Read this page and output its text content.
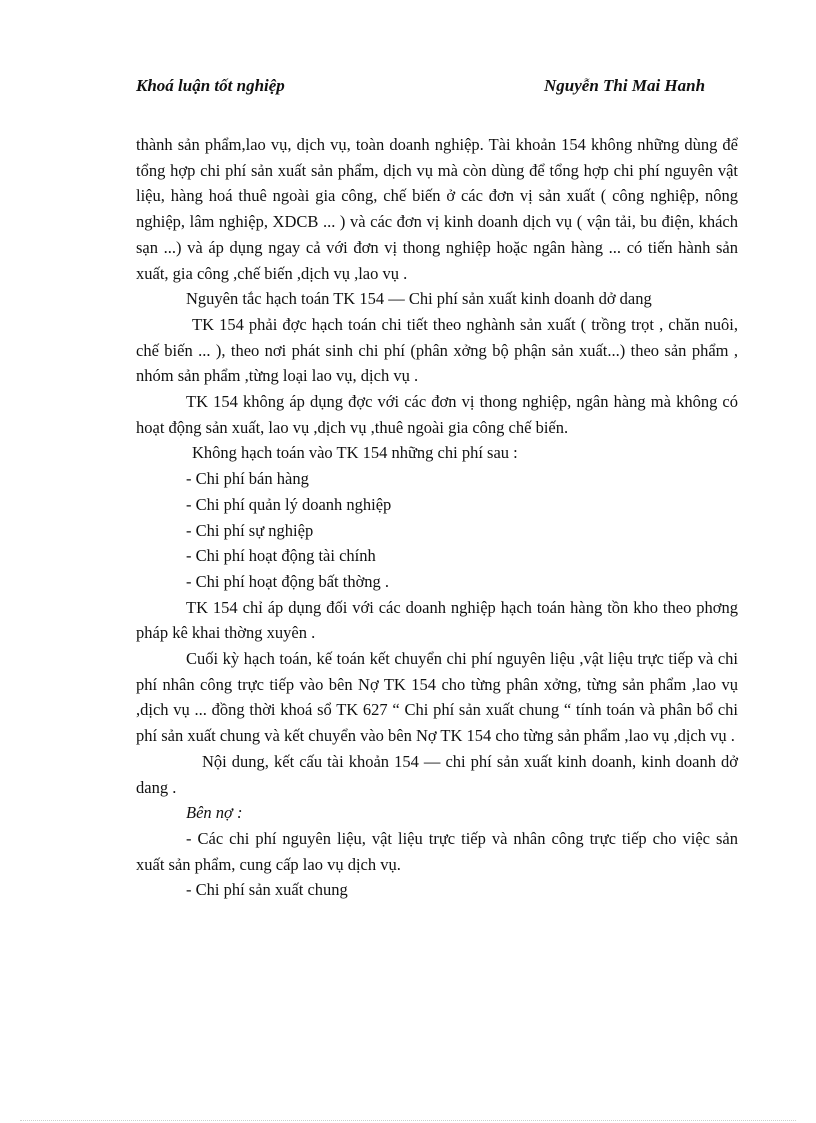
Khoá luận tốt nghiệp	Nguyễn Thi Mai Hanh

thành sản phẩm,lao vụ, dịch vụ, toàn doanh nghiệp. Tài khoản 154 không những dùng để tổng hợp chi phí sản xuất sản phẩm, dịch vụ mà còn dùng để tổng hợp chi phí nguyên vật liệu, hàng hoá thuê ngoài gia công, chế biến ở các đơn vị sản xuất ( công nghiệp, nông nghiệp, lâm nghiệp, XDCB ... ) và các đơn vị kinh doanh dịch vụ ( vận tải, bu điện, khách sạn ...) và áp dụng ngay cả với đơn vị thong nghiệp hoặc ngân hàng ... có tiến hành sản xuất, gia công ,chế biến ,dịch vụ ,lao vụ .

Nguyên tắc hạch toán TK 154 — Chi phí sản xuất kinh doanh dở dang

TK 154 phải đợc hạch toán chi tiết theo nghành sản xuất ( trồng trọt , chăn nuôi, chế biến ... ), theo nơi phát sinh chi phí (phân xởng bộ phận sản xuất...) theo sản phẩm , nhóm sản phẩm ,từng loại lao vụ, dịch vụ .

TK 154 không áp dụng đợc với các đơn vị thong nghiệp, ngân hàng mà không có hoạt động sản xuất, lao vụ ,dịch vụ ,thuê ngoài gia công chế biến.

Không hạch toán vào TK 154 những chi phí sau :

- Chi phí bán hàng

- Chi phí quản lý doanh nghiệp

- Chi phí sự nghiệp

- Chi phí hoạt động tài chính

- Chi phí hoạt động bất thờng .

TK 154 chỉ áp dụng đối với các doanh nghiệp hạch toán hàng tồn kho theo phơng pháp kê khai thờng xuyên .

Cuối kỳ hạch toán, kế toán kết chuyển chi phí nguyên liệu ,vật liệu trực tiếp và chi phí nhân công trực tiếp vào bên Nợ TK 154 cho từng phân xởng, từng sản phẩm ,lao vụ ,dịch vụ ... đồng thời khoá sổ TK 627 “ Chi phí sản xuất chung “ tính toán và phân bổ chi phí sản xuất chung và kết chuyển vào bên Nợ TK 154 cho từng sản phẩm ,lao vụ ,dịch vụ .

Nội dung, kết cấu tài khoản 154 — chi phí sản xuất kinh doanh, kinh doanh dở dang .

Bên nợ :

- Các chi phí nguyên liệu, vật liệu trực tiếp và nhân công trực tiếp cho việc sản xuất sản phẩm, cung cấp lao vụ dịch vụ.

- Chi phí sản xuất chung
